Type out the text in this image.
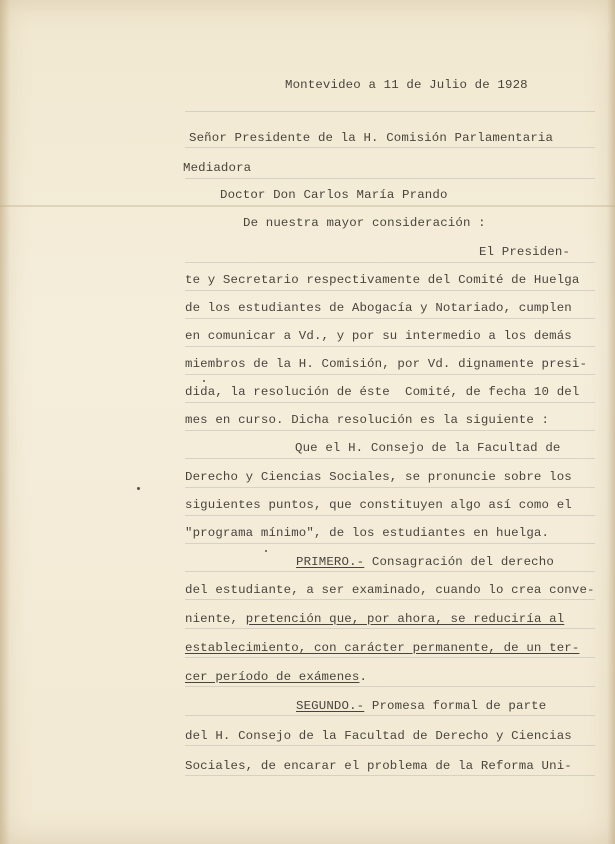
Montevideo a 11 de Julio de 1928
Señor Presidente de la H. Comisión Parlamentaria
Mediadora
Doctor Don Carlos María Prando
De nuestra mayor consideración :
El Presiden-
te y Secretario respectivamente del Comité de Huelga
de los estudiantes de Abogacía y Notariado, cumplen
en comunicar a Vd., y por su intermedio a los demás
miembros de la H. Comisión, por Vd. dignamente presi-
dida, la resolución de éste  Comité, de fecha 10 del
mes en curso. Dicha resolución es la siguiente :
Que el H. Consejo de la Facultad de
Derecho y Ciencias Sociales, se pronuncie sobre los
siguientes puntos, que constituyen algo así como el
"programa mínimo", de los estudiantes en huelga.
PRIMERO.- Consagración del derecho
del estudiante, a ser examinado, cuando lo crea conve-
niente, pretención que, por ahora, se reduciría al
establecimiento, con carácter permanente, de un ter-
cer período de exámenes.
SEGUNDO.- Promesa formal de parte
del H. Consejo de la Facultad de Derecho y Ciencias
Sociales, de encarar el problema de la Reforma Uni-
